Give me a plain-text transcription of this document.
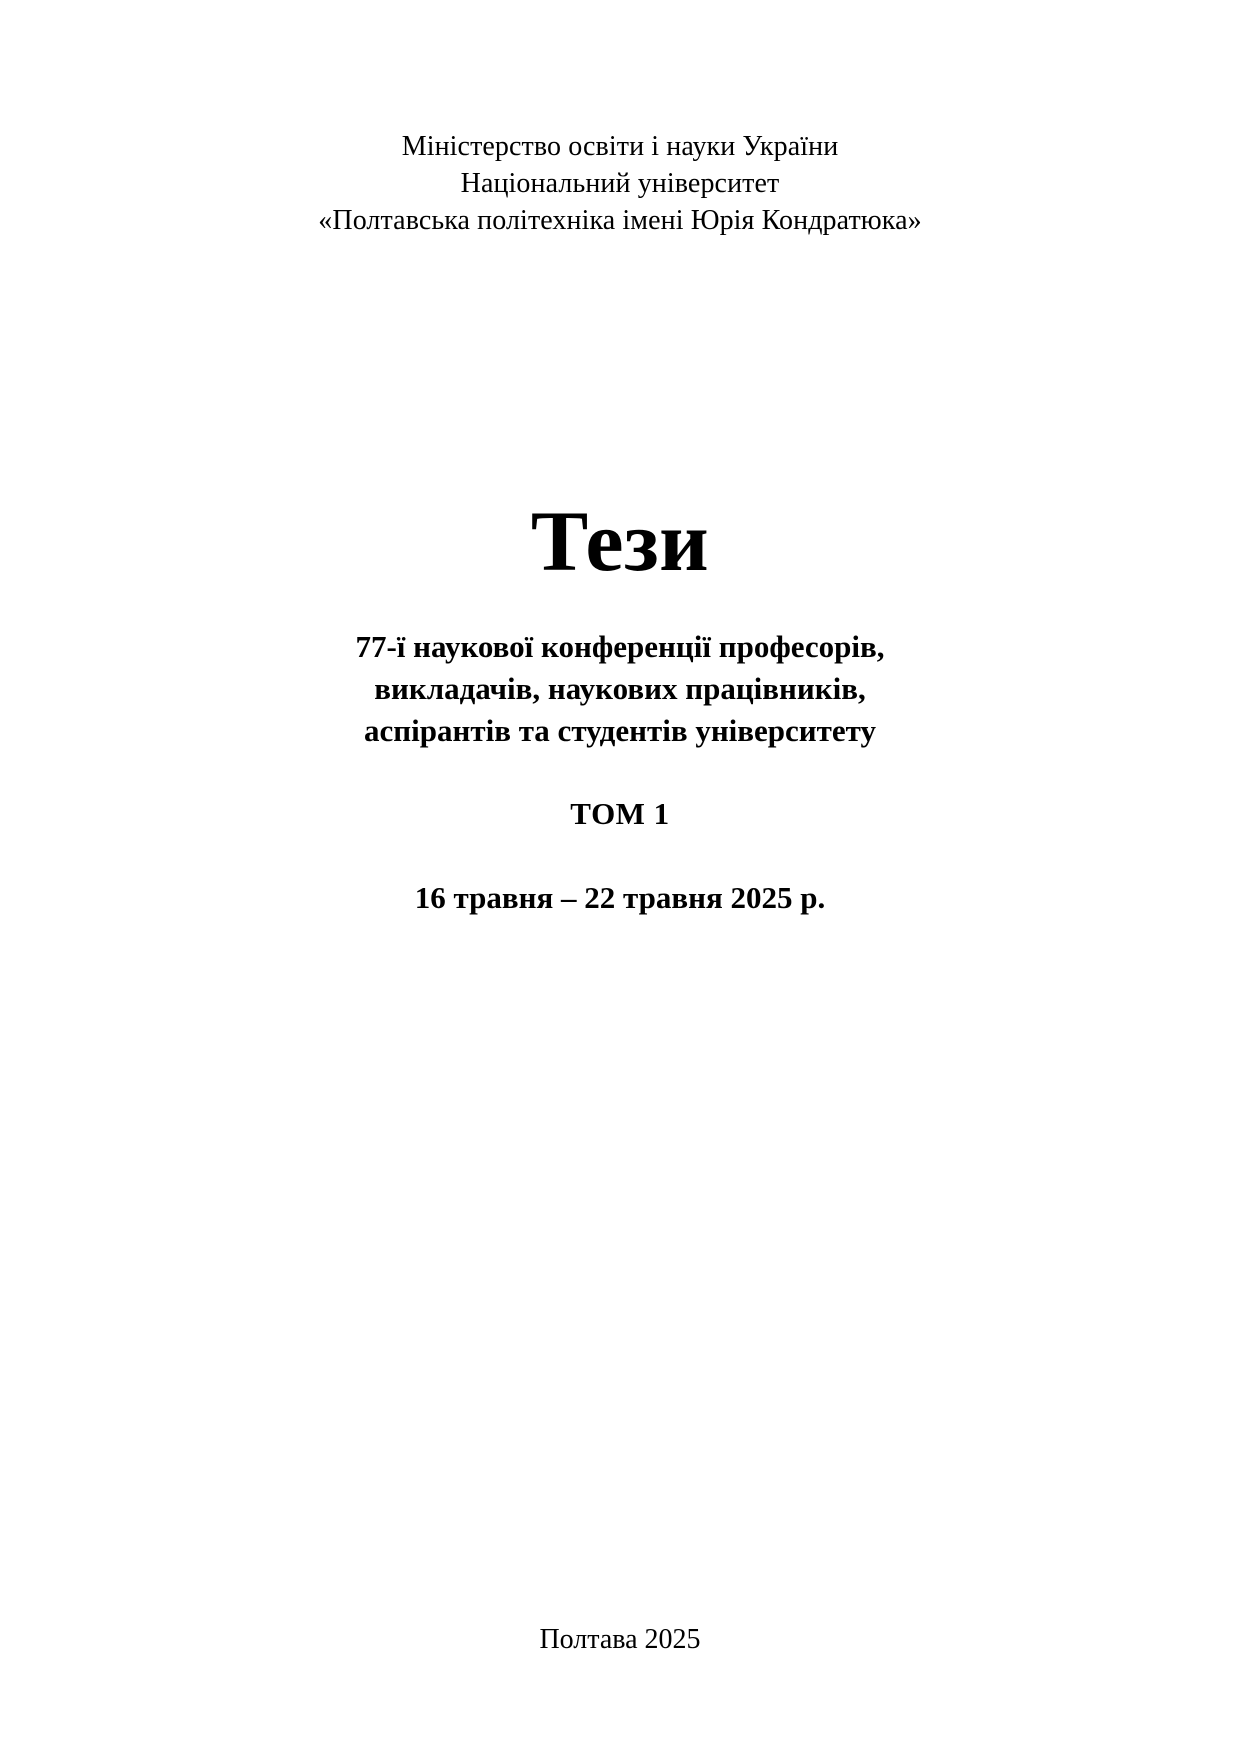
Міністерство освіти і науки України
Національний університет
«Полтавська політехніка імені Юрія Кондратюка»
Тези
77-ї наукової конференції професорів,
викладачів, наукових працівників,
аспірантів та студентів університету
ТОМ 1
16 травня – 22 травня 2025 р.
Полтава 2025
